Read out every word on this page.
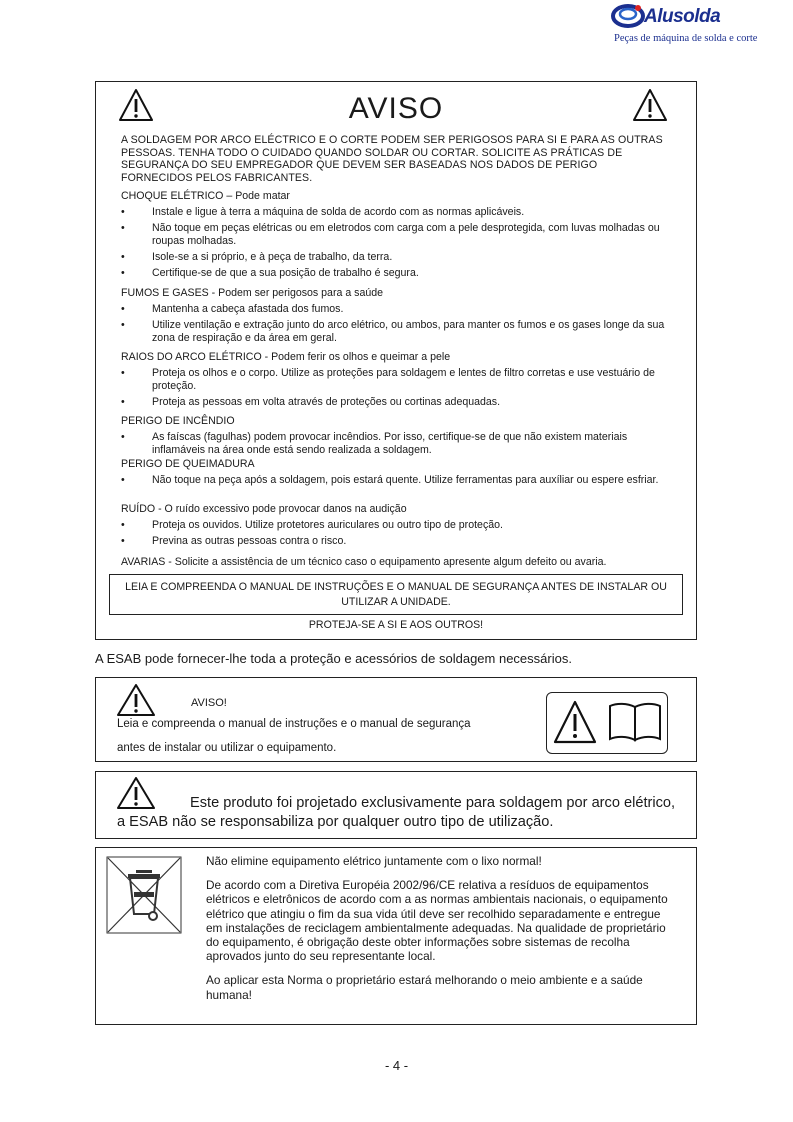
Alusolda
Peças de máquina de solda e corte
AVISO
A SOLDAGEM POR ARCO ELÉCTRICO E O CORTE PODEM SER PERIGOSOS PARA SI E PARA AS OUTRAS PESSOAS. TENHA TODO O CUIDADO QUANDO SOLDAR OU CORTAR. SOLICITE AS PRÁTICAS DE SEGURANÇA DO SEU EMPREGADOR QUE DEVEM SER BASEADAS NOS DADOS DE PERIGO FORNECIDOS PELOS FABRICANTES.

CHOQUE ELÉTRICO – Pode matar

• Instale e ligue à terra a máquina de solda de acordo com as normas aplicáveis.
• Não toque em peças elétricas ou em eletrodos com carga com a pele desprotegida, com luvas molhadas ou roupas molhadas.
• Isole-se a si próprio, e à peça de trabalho, da terra.
• Certifique-se de que a sua posição de trabalho é segura.

FUMOS E GASES - Podem ser perigosos para a saúde

• Mantenha a cabeça afastada dos fumos.
• Utilize ventilação e extração junto do arco elétrico, ou ambos, para manter os fumos e os gases longe da sua zona de respiração e da área em geral.

RAIOS DO ARCO ELÉTRICO - Podem ferir os olhos e queimar a pele

• Proteja os olhos e o corpo. Utilize as proteções para soldagem e lentes de filtro corretas e use vestuário de proteção.
• Proteja as pessoas em volta através de proteções ou cortinas adequadas.

PERIGO DE INCÊNDIO

• As faíscas (fagulhas) podem provocar incêndios. Por isso, certifique-se de que não existem materiais inflamáveis na área onde está sendo realizada a soldagem.

PERIGO DE QUEIMADURA

• Não toque na peça após a soldagem, pois estará quente. Utilize ferramentas para auxíliar ou espere esfriar.

RUÍDO - O ruído excessivo pode provocar danos na audição

• Proteja os ouvidos. Utilize protetores auriculares ou outro tipo de proteção.
• Previna as outras pessoas contra o risco.
AVARIAS - Solicite a assistência de um técnico caso o equipamento apresente algum defeito ou avaria.
LEIA E COMPREENDA O MANUAL DE INSTRUÇÕES E O MANUAL DE SEGURANÇA ANTES DE INSTALAR OU UTILIZAR A UNIDADE.
PROTEJA-SE A SI E AOS OUTROS!
A ESAB pode fornecer-lhe toda a proteção e acessórios de soldagem necessários.
AVISO!
Leia e compreenda o manual de instruções e o manual de segurança
antes de instalar ou utilizar o equipamento.
Este produto foi projetado exclusivamente para soldagem por arco elétrico, a ESAB não se responsabiliza por qualquer outro tipo de utilização.

Não elimine equipamento elétrico juntamente com o lixo normal!

De acordo com a Diretiva Européia 2002/96/CE relativa a resíduos de equipamentos elétricos e eletrônicos de acordo com a as normas ambientais nacionais, o equipamento elétrico que atingiu o fim da sua vida útil deve ser recolhido separadamente e entregue em instalações de reciclagem ambientalmente adequadas. Na qualidade de proprietário do equipamento, é obrigação deste obter informações sobre sistemas de recolha aprovados junto do seu representante local.

Ao aplicar esta Norma o proprietário estará melhorando o meio ambiente e a saúde humana!

- 4 -
